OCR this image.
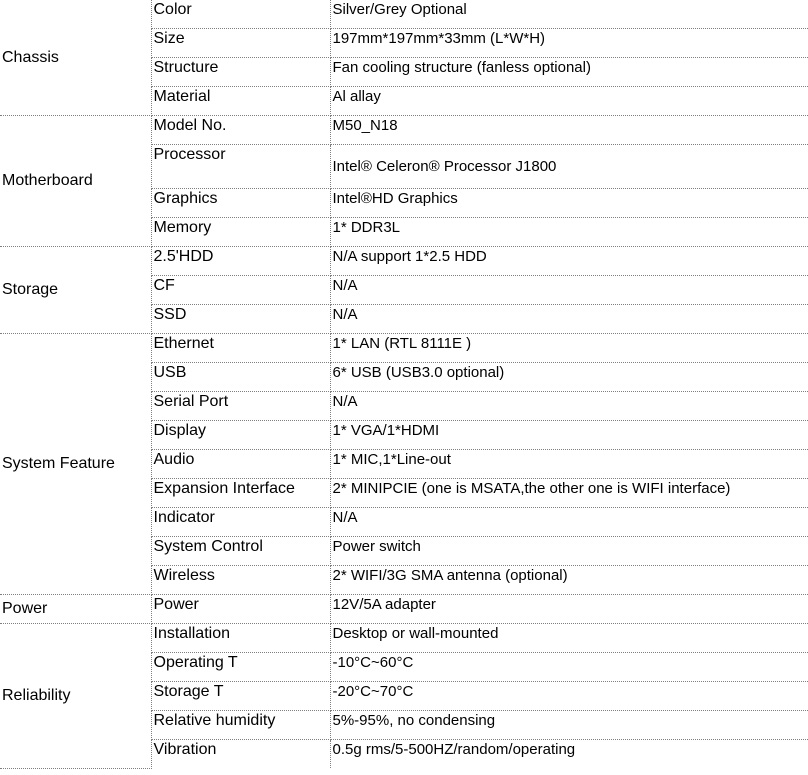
Chassis	Color	Silver/Grey Optional
	Size	197mm*197mm*33mm (L*W*H)
	Structure	Fan cooling structure (fanless optional)
	Material	Al allay
Motherboard	Model No.	M50_N18
	Processor	Intel® Celeron® Processor J1800
	Graphics	Intel®HD Graphics
	Memory	1* DDR3L
Storage	2.5'HDD	N/A support 1*2.5 HDD
	CF	N/A
	SSD	N/A
System Feature	Ethernet	1* LAN (RTL 8111E )
	USB	6* USB (USB3.0 optional)
	Serial Port	N/A
	Display	1* VGA/1*HDMI
	Audio	1* MIC,1*Line-out
	Expansion Interface	2* MINIPCIE (one is MSATA,the other one is WIFI interface)
	Indicator	N/A
	System Control	Power switch
	Wireless	2* WIFI/3G SMA antenna (optional)
Power	Power	12V/5A adapter
Reliability	Installation	Desktop or wall-mounted
	Operating T	-10°C~60°C
	Storage T	-20°C~70°C
	Relative humidity	5%-95%, no condensing
	Vibration	0.5g rms/5-500HZ/random/operating
